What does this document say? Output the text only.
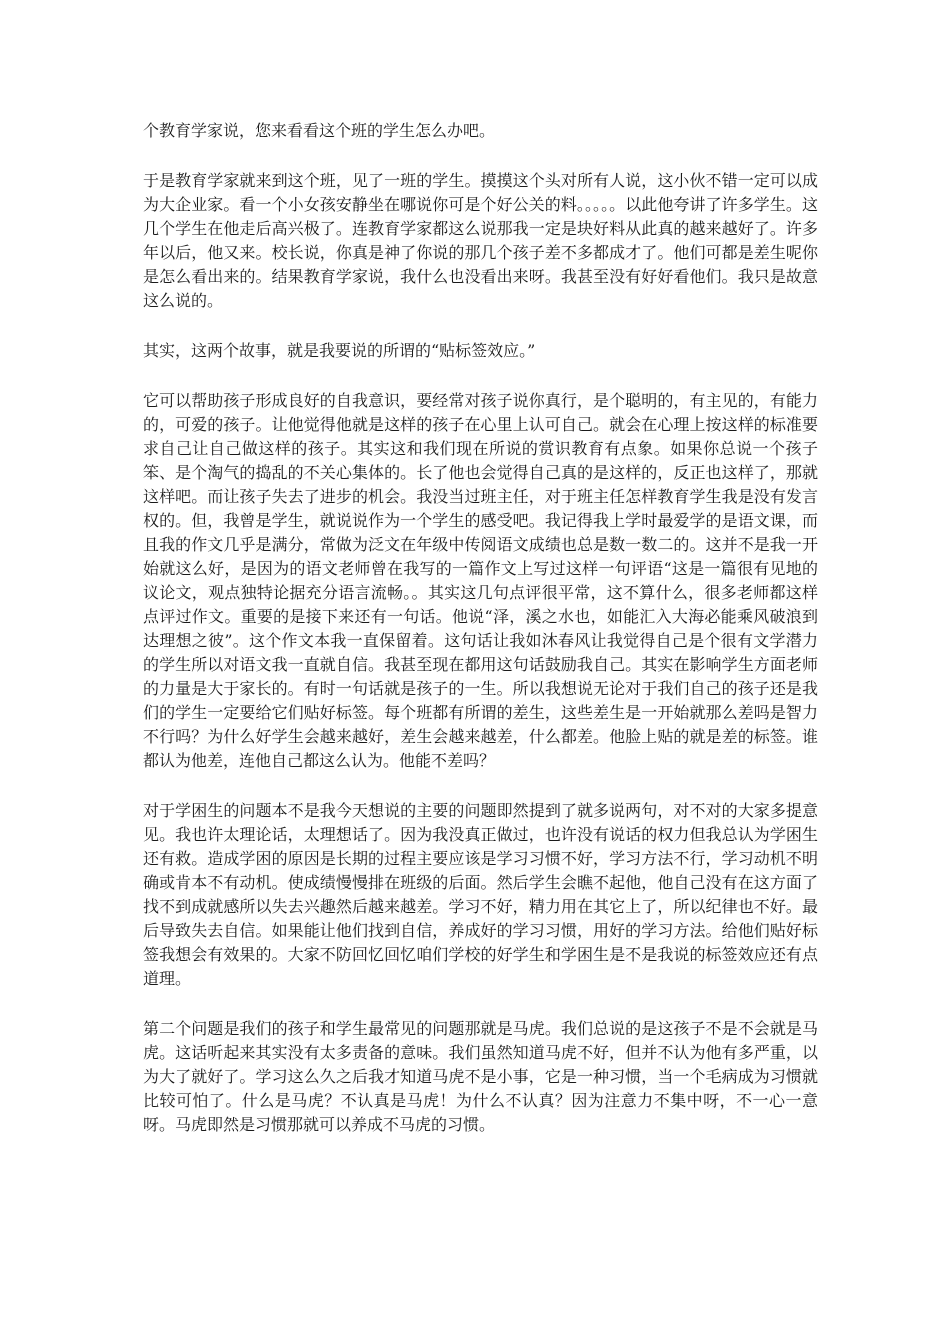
个教育学家说，您来看看这个班的学生怎么办吧。

于是教育学家就来到这个班，见了一班的学生。摸摸这个头对所有人说，这小伙不错一定可以成为大企业家。看一个小女孩安静坐在哪说你可是个好公关的料。。。。。以此他夸讲了许多学生。这几个学生在他走后高兴极了。连教育学家都这么说那我一定是块好料从此真的越来越好了。许多年以后，他又来。校长说，你真是神了你说的那几个孩子差不多都成才了。他们可都是差生呢你是怎么看出来的。结果教育学家说，我什么也没看出来呀。我甚至没有好好看他们。我只是故意这么说的。

其实，这两个故事，就是我要说的所谓的“贴标签效应。”

它可以帮助孩子形成良好的自我意识，要经常对孩子说你真行，是个聪明的，有主见的，有能力的，可爱的孩子。让他觉得他就是这样的孩子在心里上认可自己。就会在心理上按这样的标准要求自己让自己做这样的孩子。其实这和我们现在所说的赏识教育有点象。如果你总说一个孩子笨、是个淘气的捣乱的不关心集体的。长了他也会觉得自己真的是这样的，反正也这样了，那就这样吧。而让孩子失去了进步的机会。我没当过班主任，对于班主任怎样教育学生我是没有发言权的。但，我曾是学生，就说说作为一个学生的感受吧。我记得我上学时最爱学的是语文课，而且我的作文几乎是满分，常做为泛文在年级中传阅语文成绩也总是数一数二的。这并不是我一开始就这么好，是因为的语文老师曾在我写的一篇作文上写过这样一句评语“这是一篇很有见地的议论文，观点独特论据充分语言流畅。。其实这几句点评很平常，这不算什么，很多老师都这样点评过作文。重要的是接下来还有一句话。他说“泽，溪之水也，如能汇入大海必能乘风破浪到达理想之彼”。这个作文本我一直保留着。这句话让我如沐春风让我觉得自己是个很有文学潜力的学生所以对语文我一直就自信。我甚至现在都用这句话鼓励我自己。其实在影响学生方面老师的力量是大于家长的。有时一句话就是孩子的一生。所以我想说无论对于我们自己的孩子还是我们的学生一定要给它们贴好标签。每个班都有所谓的差生，这些差生是一开始就那么差吗是智力不行吗？为什么好学生会越来越好，差生会越来越差，什么都差。他脸上贴的就是差的标签。谁都认为他差，连他自己都这么认为。他能不差吗？

对于学困生的问题本不是我今天想说的主要的问题即然提到了就多说两句，对不对的大家多提意见。我也许太理论话，太理想话了。因为我没真正做过，也许没有说话的权力但我总认为学困生还有救。造成学困的原因是长期的过程主要应该是学习习惯不好，学习方法不行，学习动机不明确或肯本不有动机。使成绩慢慢排在班级的后面。然后学生会瞧不起他，他自己没有在这方面了找不到成就感所以失去兴趣然后越来越差。学习不好，精力用在其它上了，所以纪律也不好。最后导致失去自信。如果能让他们找到自信，养成好的学习习惯，用好的学习方法。给他们贴好标签我想会有效果的。大家不防回忆回忆咱们学校的好学生和学困生是不是我说的标签效应还有点道理。

第二个问题是我们的孩子和学生最常见的问题那就是马虎。我们总说的是这孩子不是不会就是马虎。这话听起来其实没有太多责备的意味。我们虽然知道马虎不好，但并不认为他有多严重，以为大了就好了。学习这么久之后我才知道马虎不是小事，它是一种习惯，当一个毛病成为习惯就比较可怕了。什么是马虎？不认真是马虎！为什么不认真？因为注意力不集中呀，不一心一意呀。马虎即然是习惯那就可以养成不马虎的习惯。
